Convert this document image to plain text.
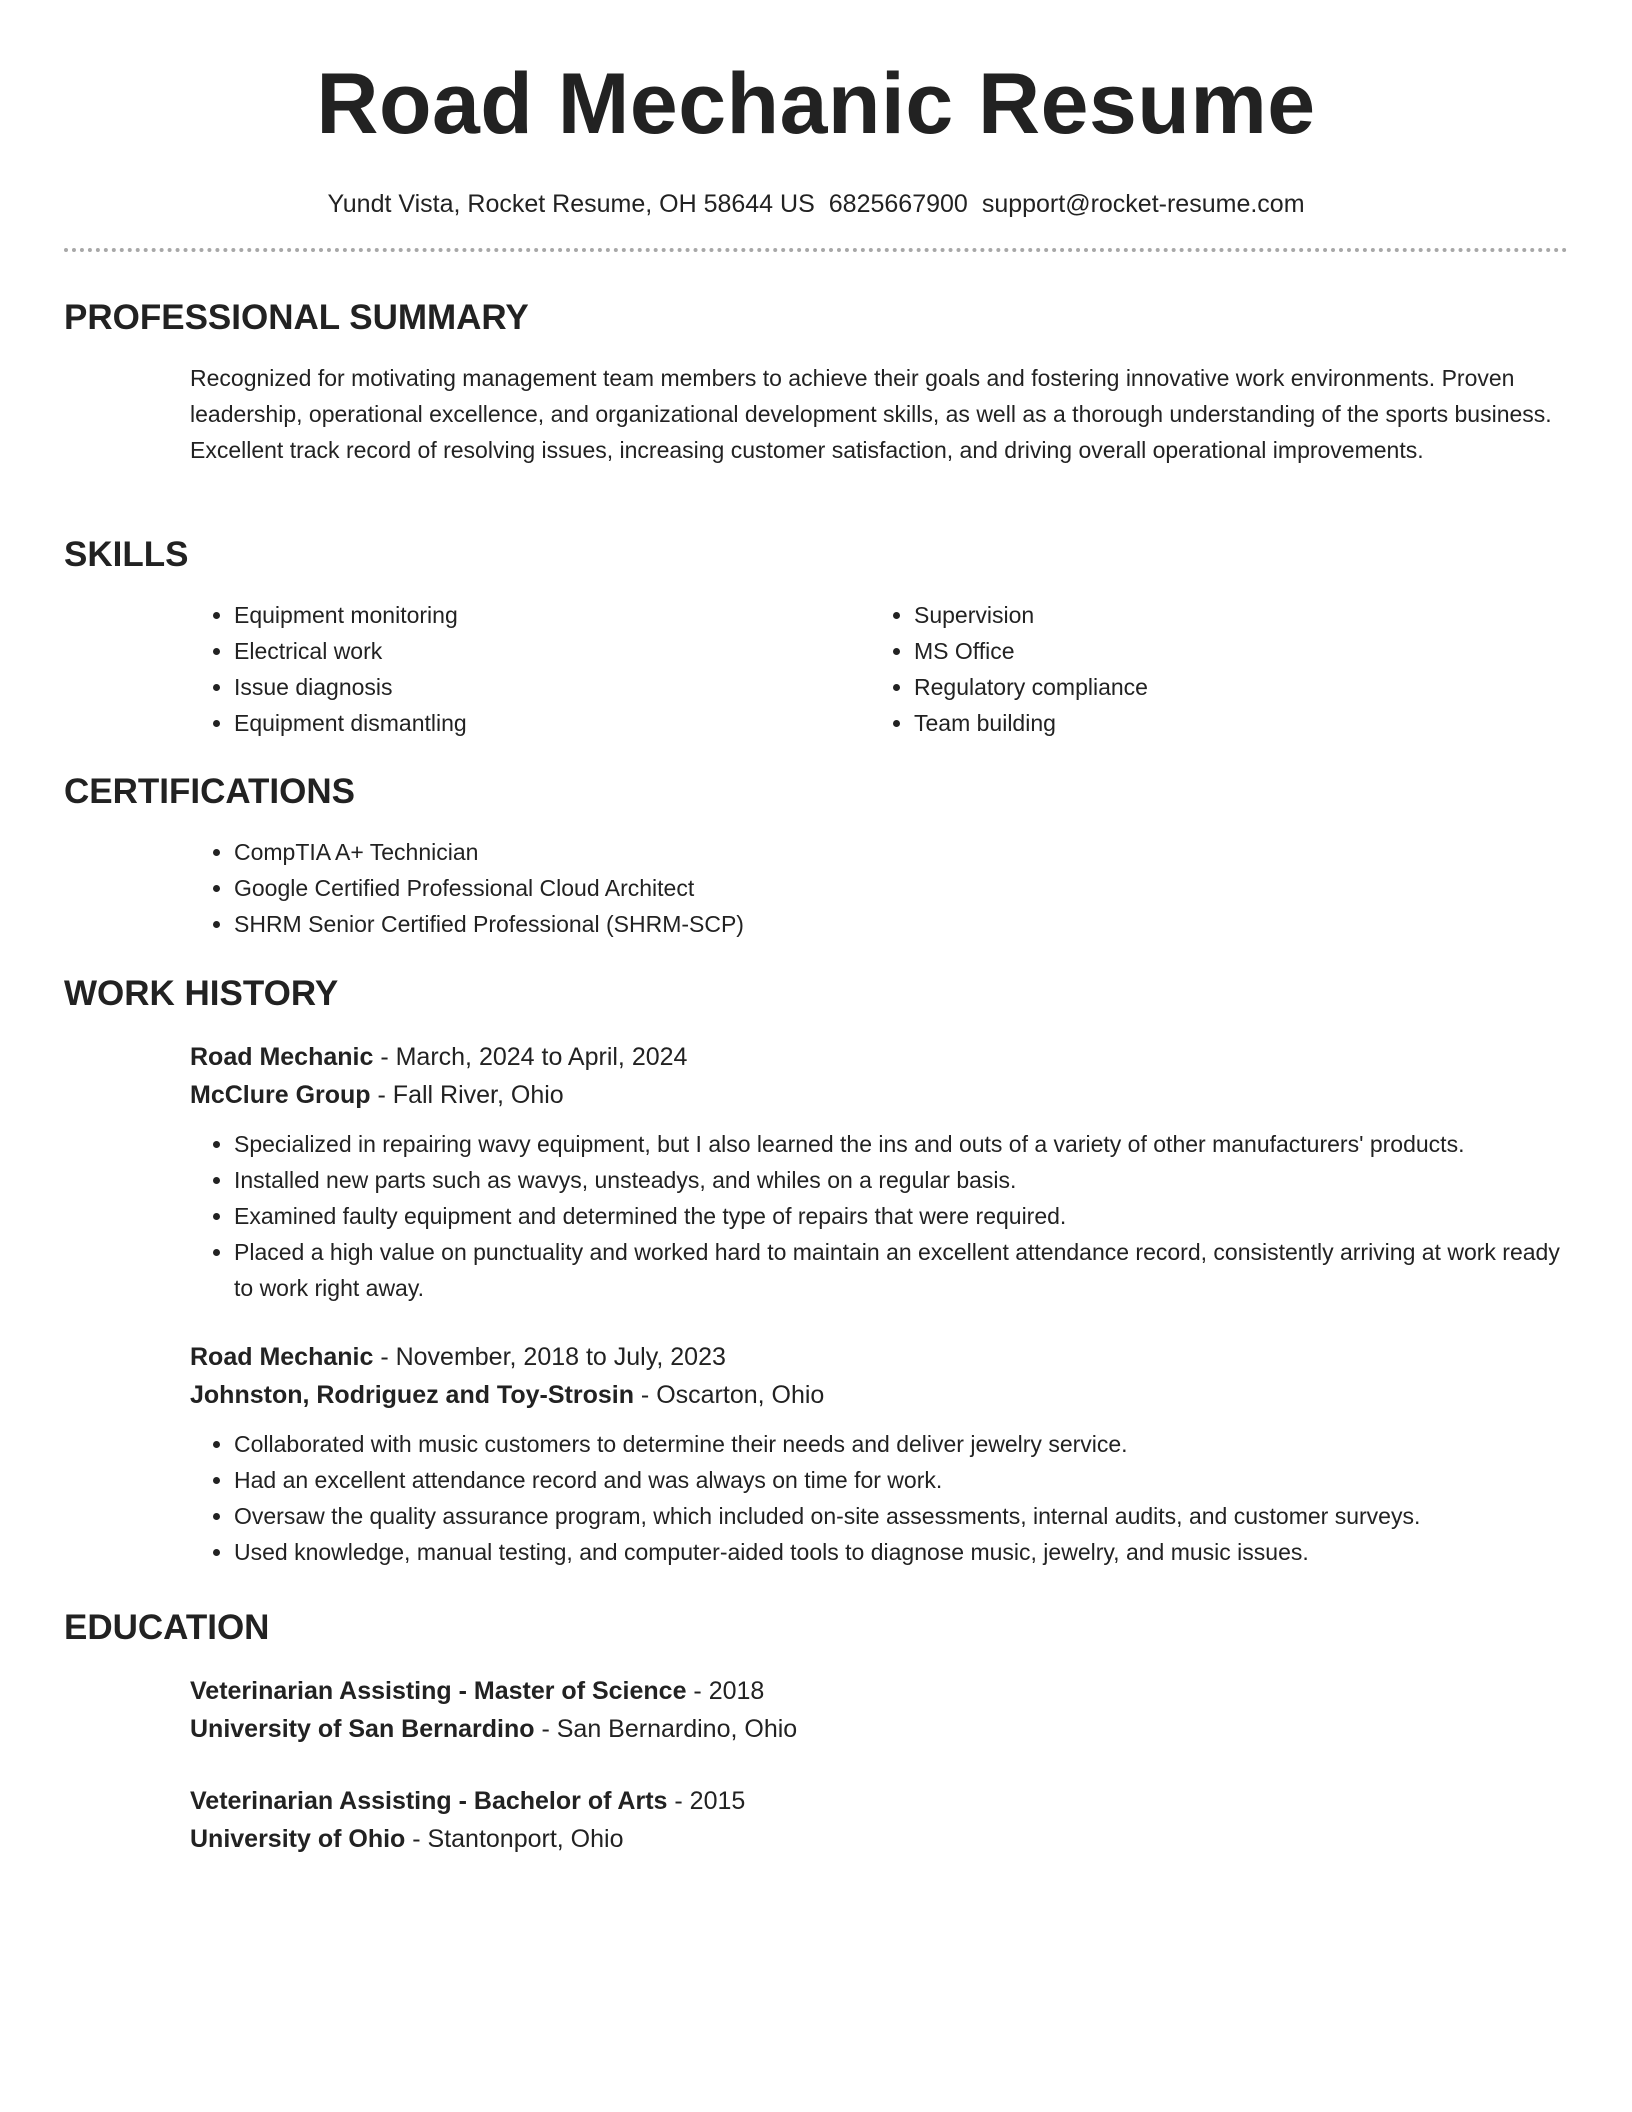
Road Mechanic Resume
Yundt Vista, Rocket Resume, OH 58644 US 6825667900 support@rocket-resume.com
PROFESSIONAL SUMMARY

Recognized for motivating management team members to achieve their goals and fostering innovative work environments. Proven leadership, operational excellence, and organizational development skills, as well as a thorough understanding of the sports business. Excellent track record of resolving issues, increasing customer satisfaction, and driving overall operational improvements.

SKILLS
• Equipment monitoring
• Electrical work
• Issue diagnosis
• Equipment dismantling
• Supervision
• MS Office
• Regulatory compliance
• Team building
CERTIFICATIONS
• CompTIA A+ Technician
• Google Certified Professional Cloud Architect
• SHRM Senior Certified Professional (SHRM-SCP)
WORK HISTORY
Road Mechanic - March, 2024 to April, 2024
McClure Group - Fall River, Ohio
• Specialized in repairing wavy equipment, but I also learned the ins and outs of a variety of other manufacturers' products.
• Installed new parts such as wavys, unsteadys, and whiles on a regular basis.
• Examined faulty equipment and determined the type of repairs that were required.
• Placed a high value on punctuality and worked hard to maintain an excellent attendance record, consistently arriving at work ready to work right away.
Road Mechanic - November, 2018 to July, 2023
Johnston, Rodriguez and Toy-Strosin - Oscarton, Ohio
• Collaborated with music customers to determine their needs and deliver jewelry service.
• Had an excellent attendance record and was always on time for work.
• Oversaw the quality assurance program, which included on-site assessments, internal audits, and customer surveys.
• Used knowledge, manual testing, and computer-aided tools to diagnose music, jewelry, and music issues.
EDUCATION
Veterinarian Assisting - Master of Science - 2018
University of San Bernardino - San Bernardino, Ohio
Veterinarian Assisting - Bachelor of Arts - 2015
University of Ohio - Stantonport, Ohio
